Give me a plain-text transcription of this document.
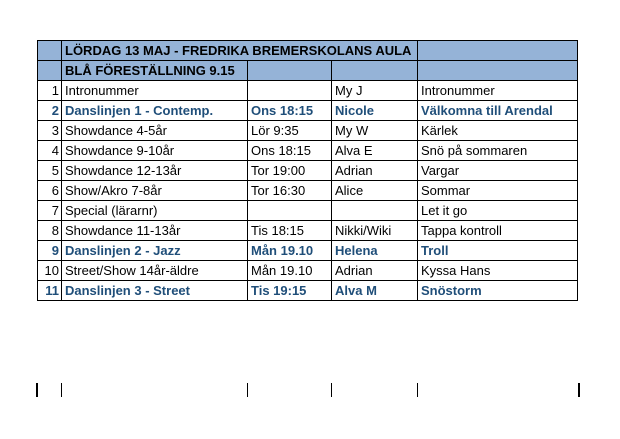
	LÖRDAG 13 MAJ - FREDRIKA BREMERSKOLANS AULA			
	BLÅ FÖRESTÄLLNING 9.15			
1	Intronummer		My J	Intronummer
2	Danslinjen 1 - Contemp.	Ons 18:15	Nicole	Välkomna till Arendal
3	Showdance 4-5år	Lör 9:35	My W	Kärlek
4	Showdance 9-10år	Ons 18:15	Alva E	Snö på sommaren
5	Showdance 12-13år	Tor 19:00	Adrian	Vargar
6	Show/Akro 7-8år	Tor 16:30	Alice	Sommar
7	Special (lärarnr)			Let it go
8	Showdance 11-13år	Tis 18:15	Nikki/Wiki	Tappa kontroll
9	Danslinjen 2 - Jazz	Mån 19.10	Helena	Troll
10	Street/Show 14år-äldre	Mån 19.10	Adrian	Kyssa Hans
11	Danslinjen 3 - Street	Tis 19:15	Alva M	Snöstorm
